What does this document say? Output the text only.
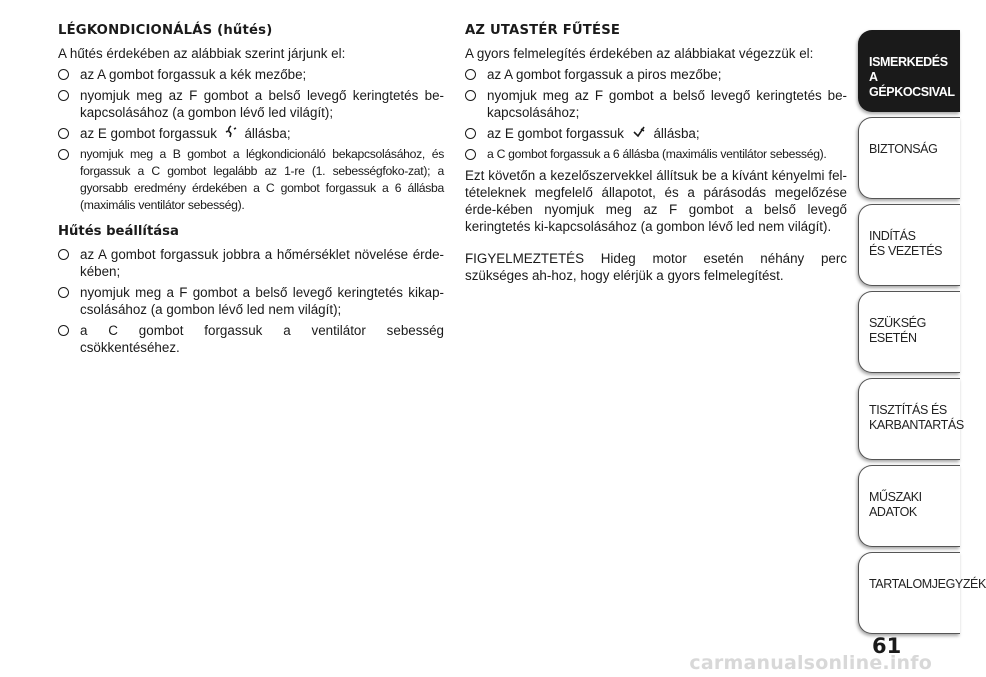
LÉGKONDICIONÁLÁS (hűtés)

A hűtés érdekében az alábbiak szerint járjunk el:

az A gombot forgassuk a kék mezőbe;
nyomjuk meg az F gombot a belső levegő keringtetés be-kapcsolásához (a gombon lévő led világít);
az E gombot forgassuk állásba;
nyomjuk meg a B gombot a légkondicionáló bekapcsolásához, és forgassuk a C gombot legalább az 1-re (1. sebességfoko-zat); a gyorsabb eredmény érdekében a C gombot forgassuk a 6 állásba (maximális ventilátor sebesség).
Hűtés beállítása
az A gombot forgassuk jobbra a hőmérséklet növelése érde-kében;
nyomjuk meg a F gombot a belső levegő keringtetés kikap-csolásához (a gombon lévő led nem világít);
a C gombot forgassuk a ventilátor sebesség csökkentéséhez.
AZ UTASTÉR FŰTÉSE

A gyors felmelegítés érdekében az alábbiakat végezzük el:

az A gombot forgassuk a piros mezőbe;
nyomjuk meg az F gombot a belső levegő keringtetés be-kapcsolásához;
az E gombot forgassuk állásba;
a C gombot forgassuk a 6 állásba (maximális ventilátor sebesség).

Ezt követőn a kezelőszervekkel állítsuk be a kívánt kényelmi fel-tételeknek megfelelő állapotot, és a párásodás megelőzése érde-kében nyomjuk meg az F gombot a belső levegő keringtetés ki-kapcsolásához (a gombon lévő led nem világít).

FIGYELMEZTETÉS Hideg motor esetén néhány perc szükséges ah-hoz, hogy elérjük a gyors felmelegítést.

ISMERKEDÉS
A GÉPKOCSIVAL
BIZTONSÁG
INDÍTÁS
ÉS VEZETÉS
SZÜKSÉG
ESETÉN
TISZTÍTÁS ÉS
KARBANTARTÁS
MŰSZAKI
ADATOK
TARTALOMJEGYZÉK
61
carmanualsonline.info
